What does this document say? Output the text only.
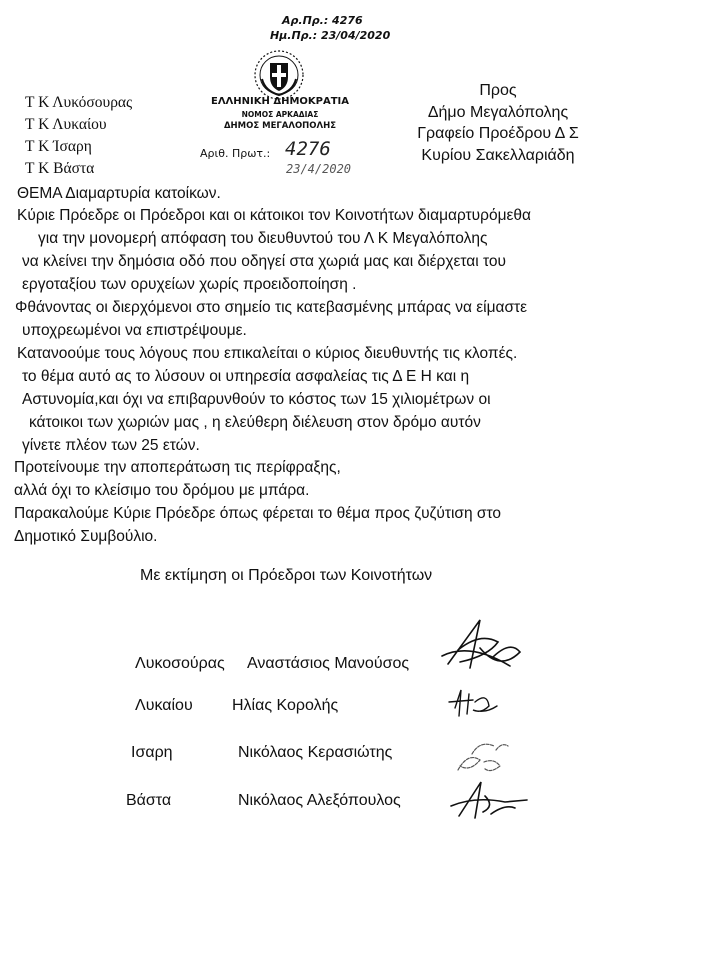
Αρ.Πρ.: 4276
Ημ.Πρ.: 23/04/2020
ΕΛΛΗΝΙΚΗ ΔΗΜΟΚΡΑΤΙΑ
ΝΟΜΟΣ ΑΡΚΑΔΙΑΣ
ΔΗΜΟΣ ΜΕΓΑΛΟΠΟΛΗΣ
Αριθ. Πρωτ.: 4276
23/4/2020
Τ Κ Λυκόσουρας
Τ Κ Λυκαίου
Τ Κ Ίσαρη
Τ Κ Βάστα
Προς
Δήμο Μεγαλόπολης
Γραφείο Προέδρου Δ Σ
Κυρίου Σακελλαριάδη
ΘΕΜΑ Διαμαρτυρία κατοίκων.
Κύριε Πρόεδρε οι Πρόεδροι και οι κάτοικοι τον Κοινοτήτων διαμαρτυρόμεθα
για την μονομερή απόφαση του διευθυντού του Λ Κ Μεγαλόπολης
να κλείνει την δημόσια οδό που οδηγεί στα χωριά μας και διέρχεται του
εργοταξίου των ορυχείων χωρίς προειδοποίηση .
Φθάνοντας οι διερχόμενοι στο σημείο τις κατεβασμένης μπάρας να είμαστε
υποχρεωμένοι να επιστρέψουμε.
Κατανοούμε τους λόγους που επικαλείται ο κύριος διευθυντής τις κλοπές.
το θέμα αυτό ας το λύσουν οι υπηρεσία ασφαλείας τις Δ Ε Η και η
Αστυνομία,και όχι να επιβαρυνθούν το κόστος των 15 χιλιομέτρων οι
κάτοικοι των χωριών μας , η ελεύθερη διέλευση στον δρόμο αυτόν
γίνετε πλέον των 25 ετών.
Προτείνουμε την αποπεράτωση τις περίφραξης,
αλλά όχι το κλείσιμο του δρόμου με μπάρα.
Παρακαλούμε Κύριε Πρόεδρε όπως φέρεται το θέμα προς ζυζύτιση στο
Δημοτικό Συμβούλιο.
Με εκτίμηση οι Πρόεδροι των Κοινοτήτων
Λυκοσούρας Αναστάσιος Μανούσος
Λυκαίου Ηλίας Κορολής
Ισαρη	Νικόλαος Κερασιώτης
Βάστα	Νικόλαος Αλεξόπουλος
